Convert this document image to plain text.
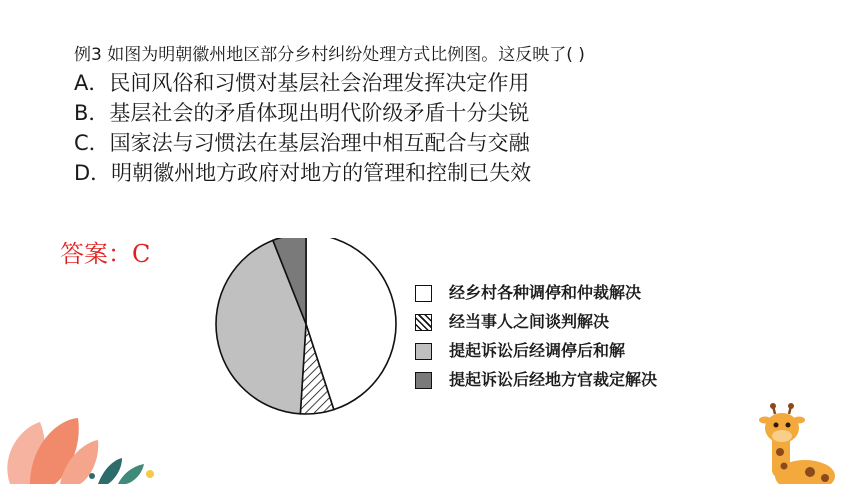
例3 如图为明朝徽州地区部分乡村纠纷处理方式比例图。这反映了( )
A．民间风俗和习惯对基层社会治理发挥决定作用
B．基层社会的矛盾体现出明代阶级矛盾十分尖锐
C．国家法与习惯法在基层治理中相互配合与交融
D．明朝徽州地方政府对地方的管理和控制已失效
答案：C
经乡村各种调停和仲裁解决
经当事人之间谈判解决
提起诉讼后经调停后和解
提起诉讼后经地方官裁定解决
